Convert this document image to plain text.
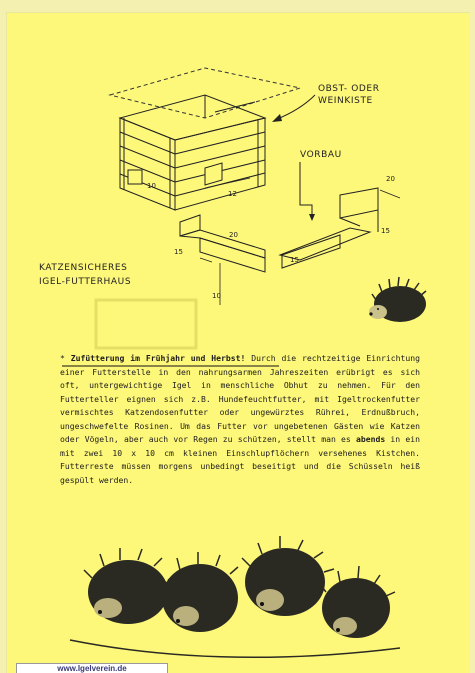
10
OBST- ODER
WEINKISTE
12
VORBAU
20
15
20
15
15
10
KATZENSICHERES
IGEL-FUTTERHAUS

* Zufütterung im Frühjahr und Herbst! Durch die rechtzeitige Einrichtung einer Futterstelle in den nahrungsarmen Jahreszeiten erübrigt es sich oft, untergewichtige Igel in menschliche Obhut zu nehmen. Für den Futterteller eignen sich z.B. Hundefeuchtfutter, mit Igeltrockenfutter vermischtes Katzendosenfutter oder ungewürztes Rührei, Erdnußbruch, ungeschwefelte Rosinen. Um das Futter vor ungebetenen Gästen wie Katzen oder Vögeln, aber auch vor Regen zu schützen, stellt man es abends in ein mit zwei 10 x 10 cm kleinen Einschlupflöchern versehenes Kistchen. Futterreste müssen morgens unbedingt beseitigt und die Schüsseln heiß gespült werden.

www.Igelverein.de
